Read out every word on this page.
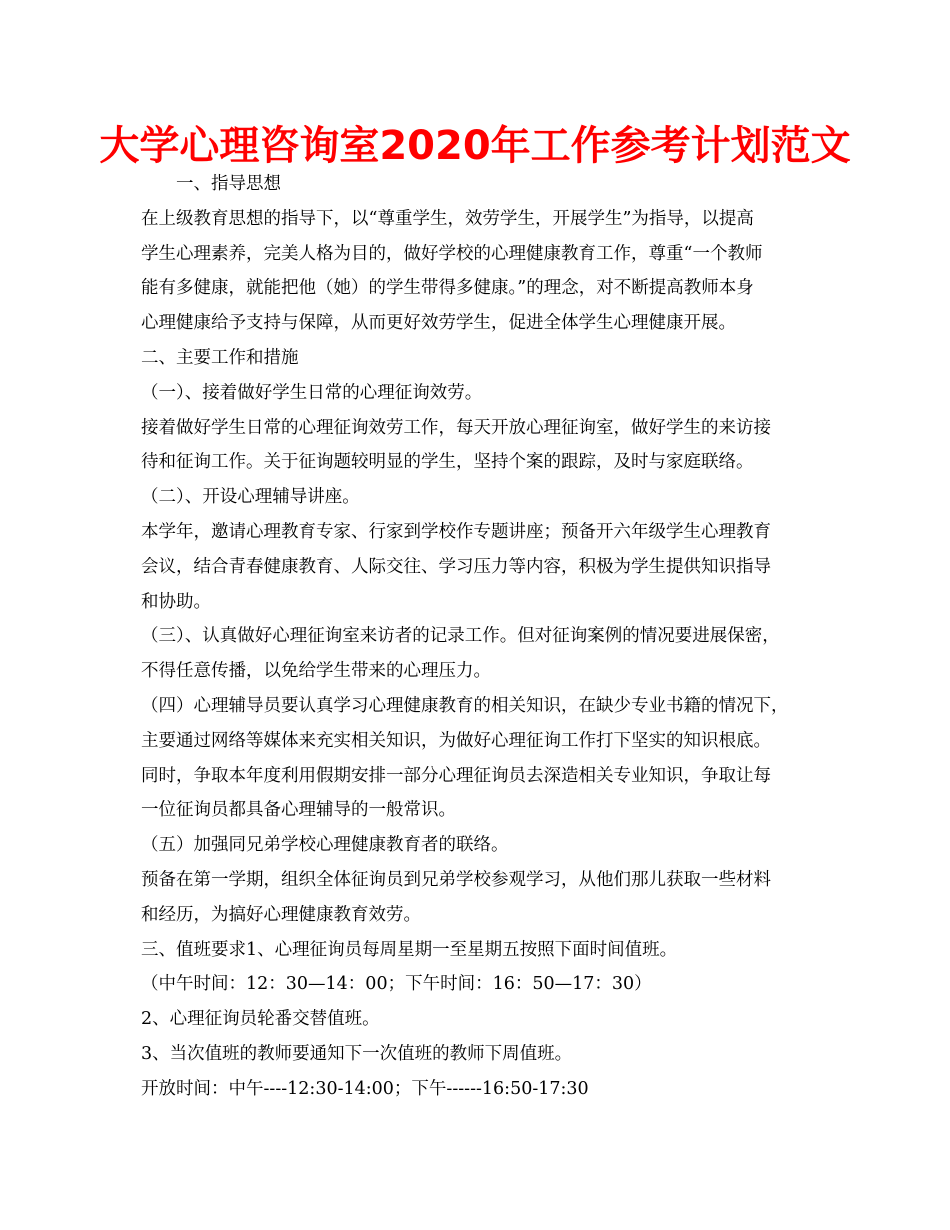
大学心理咨询室2020年工作参考计划范文
一、指导思想
在上级教育思想的指导下，以“尊重学生，效劳学生，开展学生”为指导，以提高
学生心理素养，完美人格为目的，做好学校的心理健康教育工作，尊重“一个教师
能有多健康，就能把他（她）的学生带得多健康。”的理念，对不断提高教师本身
心理健康给予支持与保障，从而更好效劳学生，促进全体学生心理健康开展。
二、主要工作和措施
（一）、接着做好学生日常的心理征询效劳。
接着做好学生日常的心理征询效劳工作，每天开放心理征询室，做好学生的来访接
待和征询工作。关于征询题较明显的学生，坚持个案的跟踪，及时与家庭联络。
（二）、开设心理辅导讲座。
本学年，邀请心理教育专家、行家到学校作专题讲座；预备开六年级学生心理教育
会议，结合青春健康教育、人际交往、学习压力等内容，积极为学生提供知识指导
和协助。
（三）、认真做好心理征询室来访者的记录工作。但对征询案例的情况要进展保密，
不得任意传播，以免给学生带来的心理压力。
（四）心理辅导员要认真学习心理健康教育的相关知识，在缺少专业书籍的情况下，
主要通过网络等媒体来充实相关知识，为做好心理征询工作打下坚实的知识根底。
同时，争取本年度利用假期安排一部分心理征询员去深造相关专业知识，争取让每
一位征询员都具备心理辅导的一般常识。
（五）加强同兄弟学校心理健康教育者的联络。
预备在第一学期，组织全体征询员到兄弟学校参观学习，从他们那儿获取一些材料
和经历，为搞好心理健康教育效劳。
三、值班要求1、心理征询员每周星期一至星期五按照下面时间值班。
（中午时间：12：30—14：00；下午时间：16：50—17：30）
2、心理征询员轮番交替值班。
3、当次值班的教师要通知下一次值班的教师下周值班。
开放时间：中午----12:30-14:00；下午------16:50-17:30
